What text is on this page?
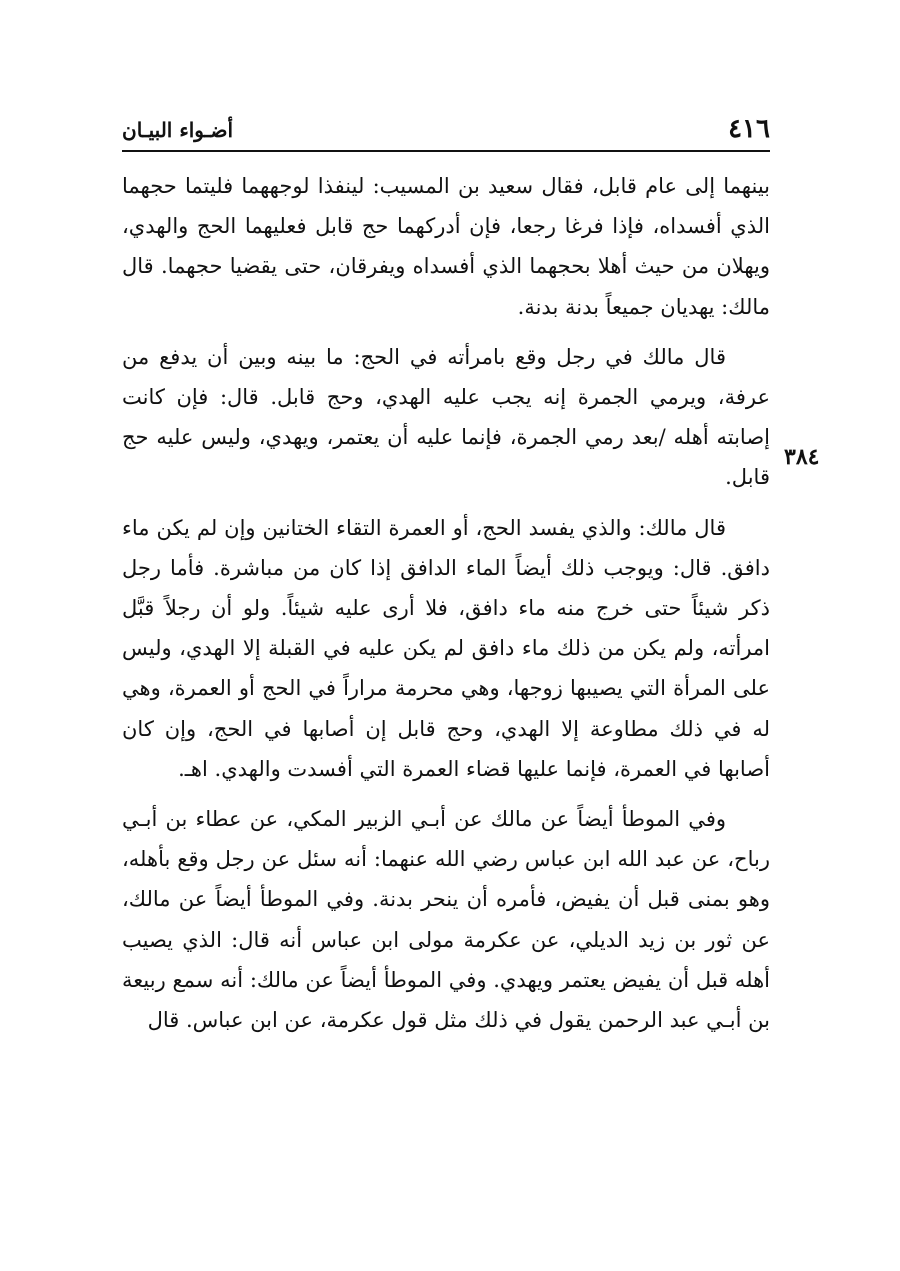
٤١٦
أضـواء البيـان
٣٨٤

بينهما إلى عام قابل، فقال سعيد بن المسيب: لينفذا لوجههما فليتما حجهما الذي أفسداه، فإذا فرغا رجعا، فإن أدركهما حج قابل فعليهما الحج والهدي، ويهلان من حيث أهلا بحجهما الذي أفسداه ويفرقان، حتى يقضيا حجهما. قال مالك: يهديان جميعاً بدنة بدنة.

قال مالك في رجل وقع بامرأته في الحج: ما بينه وبين أن يدفع من عرفة، ويرمي الجمرة إنه يجب عليه الهدي، وحج قابل. قال: فإن كانت إصابته أهله /بعد رمي الجمرة، فإنما عليه أن يعتمر، ويهدي، وليس عليه حج قابل.

قال مالك: والذي يفسد الحج، أو العمرة التقاء الختانين وإن لم يكن ماء دافق. قال: ويوجب ذلك أيضاً الماء الدافق إذا كان من مباشرة. فأما رجل ذكر شيئاً حتى خرج منه ماء دافق، فلا أرى عليه شيئاً. ولو أن رجلاً قبَّل امرأته، ولم يكن من ذلك ماء دافق لم يكن عليه في القبلة إلا الهدي، وليس على المرأة التي يصيبها زوجها، وهي محرمة مراراً في الحج أو العمرة، وهي له في ذلك مطاوعة إلا الهدي، وحج قابل إن أصابها في الحج، وإن كان أصابها في العمرة، فإنما عليها قضاء العمرة التي أفسدت والهدي. اهـ.

وفي الموطأ أيضاً عن مالك عن أبـي الزبير المكي، عن عطاء بن أبـي رباح، عن عبد الله ابن عباس رضي الله عنهما: أنه سئل عن رجل وقع بأهله، وهو بمنى قبل أن يفيض، فأمره أن ينحر بدنة. وفي الموطأ أيضاً عن مالك، عن ثور بن زيد الديلي، عن عكرمة مولى ابن عباس أنه قال: الذي يصيب أهله قبل أن يفيض يعتمر ويهدي. وفي الموطأ أيضاً عن مالك: أنه سمع ربيعة بن أبـي عبد الرحمن يقول في ذلك مثل قول عكرمة، عن ابن عباس. قال
